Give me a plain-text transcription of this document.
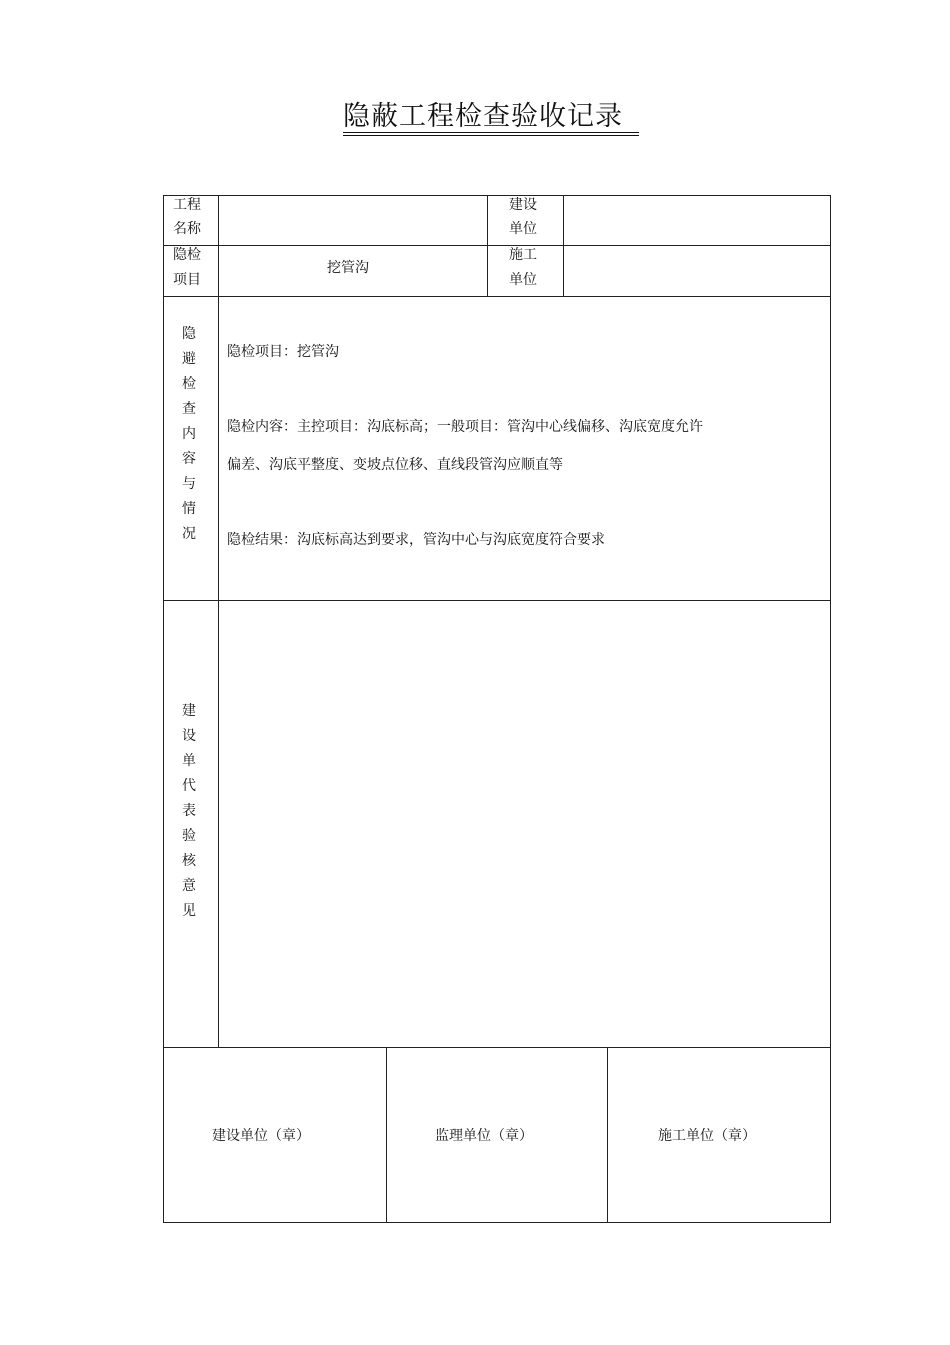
隐蔽工程检查验收记录
工程
名称
建设
单位
隐检
项目
挖管沟
施工
单位
隐
避
检
查
内
容
与
情
况
隐检项目：挖管沟
隐检内容：主控项目：沟底标高；一般项目：管沟中心线偏移、沟底宽度允许
偏差、沟底平整度、变坡点位移、直线段管沟应顺直等
隐检结果：沟底标高达到要求，管沟中心与沟底宽度符合要求
建
设
单
代
表
验
核
意
见
建设单位（章）	监理单位（章）	施工单位（章）
